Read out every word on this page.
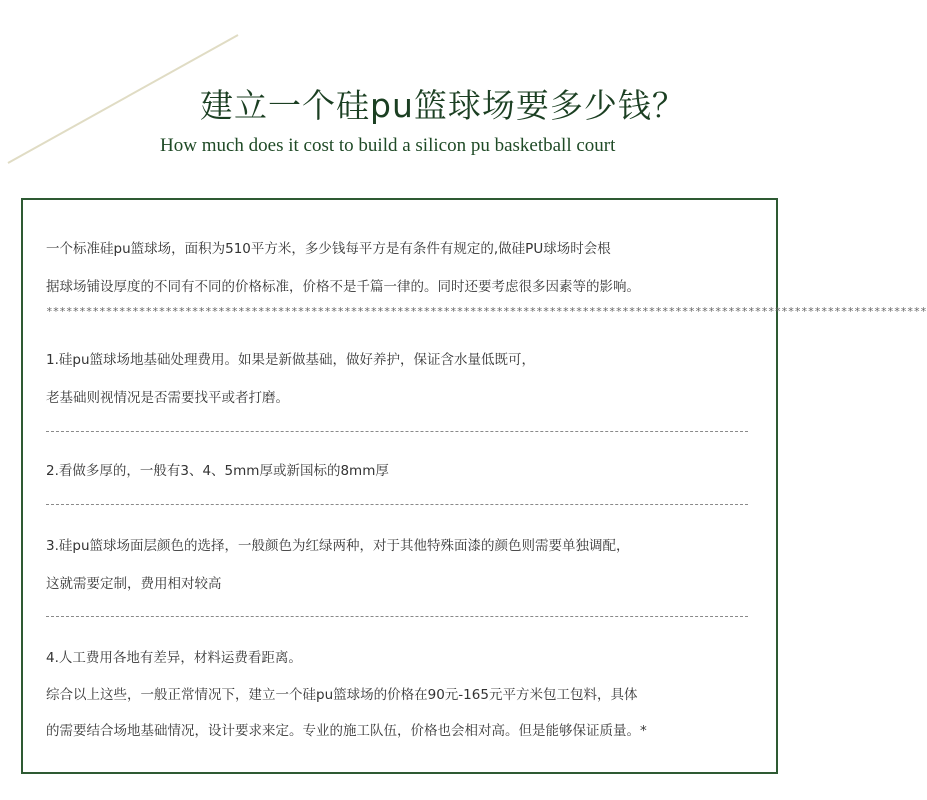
建立一个硅pu篮球场要多少钱？
How much does it cost to build a silicon pu basketball court
一个标准硅pu篮球场，面积为510平方米，多少钱每平方是有条件有规定的,做硅PU球场时会根
据球场铺设厚度的不同有不同的价格标准，价格不是千篇一律的。同时还要考虑很多因素等的影响。
*************************************************************************************************************************************
1.硅pu篮球场地基础处理费用。如果是新做基础，做好养护，保证含水量低既可，
老基础则视情况是否需要找平或者打磨。
2.看做多厚的，一般有3、4、5mm厚或新国标的8mm厚
3.硅pu篮球场面层颜色的选择，一般颜色为红绿两种，对于其他特殊面漆的颜色则需要单独调配，
这就需要定制，费用相对较高
4.人工费用各地有差异，材料运费看距离。
综合以上这些，一般正常情况下，建立一个硅pu篮球场的价格在90元-165元平方米包工包料，具体
的需要结合场地基础情况，设计要求来定。专业的施工队伍，价格也会相对高。但是能够保证质量。*
